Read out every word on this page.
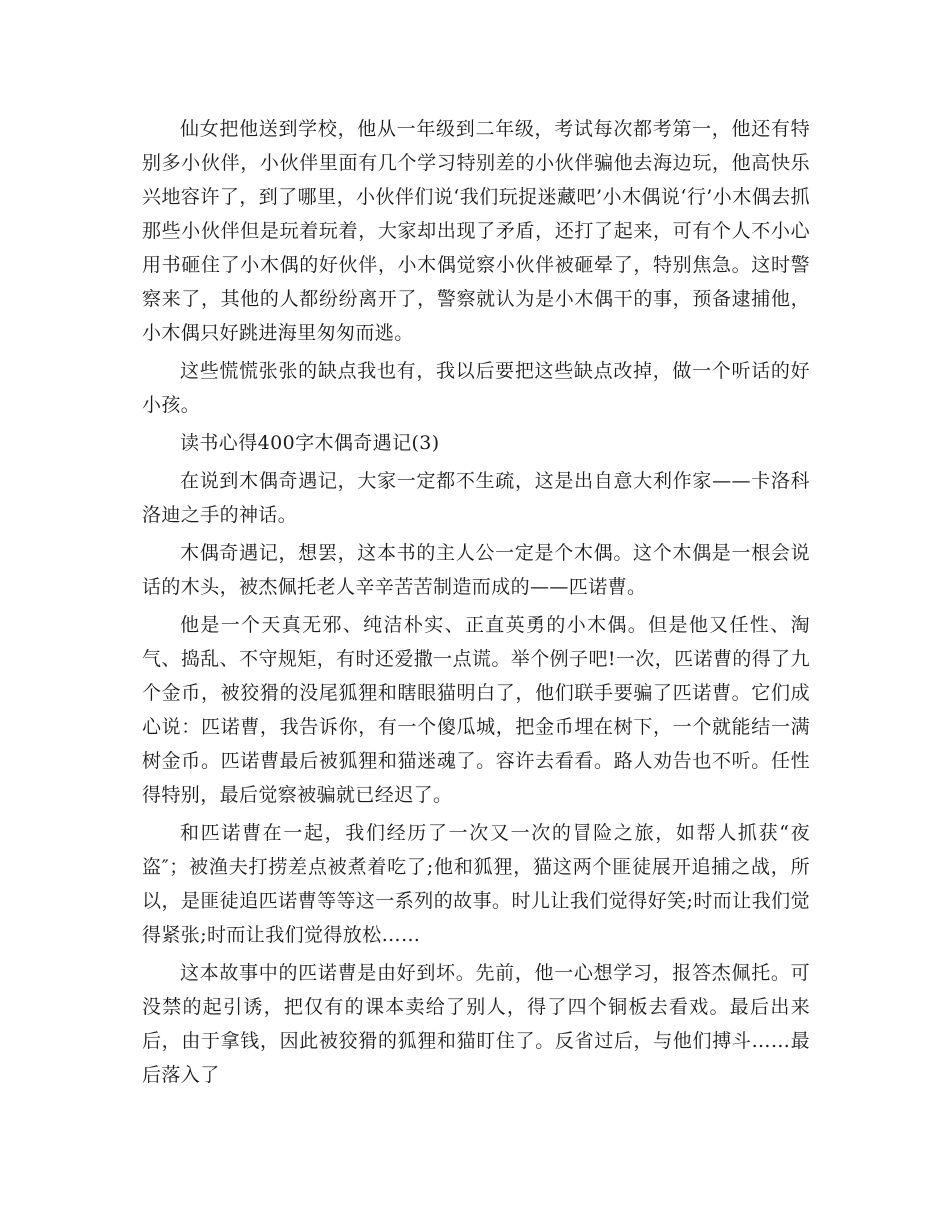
仙女把他送到学校，他从一年级到二年级，考试每次都考第一，他还有特别多小伙伴，小伙伴里面有几个学习特别差的小伙伴骗他去海边玩，他高快乐兴地容许了，到了哪里，小伙伴们说‘我们玩捉迷藏吧’小木偶说‘行’小木偶去抓那些小伙伴但是玩着玩着，大家却出现了矛盾，还打了起来，可有个人不小心用书砸住了小木偶的好伙伴，小木偶觉察小伙伴被砸晕了，特别焦急。这时警察来了，其他的人都纷纷离开了，警察就认为是小木偶干的事，预备逮捕他，小木偶只好跳进海里匆匆而逃。

这些慌慌张张的缺点我也有，我以后要把这些缺点改掉，做一个听话的好小孩。

读书心得400字木偶奇遇记(3)

在说到木偶奇遇记，大家一定都不生疏，这是出自意大利作家——卡洛科 洛迪之手的神话。

木偶奇遇记，想罢，这本书的主人公一定是个木偶。这个木偶是一根会说话的木头，被杰佩托老人辛辛苦苦制造而成的——匹诺曹。

他是一个天真无邪、纯洁朴实、正直英勇的小木偶。但是他又任性、淘气、捣乱、不守规矩，有时还爱撒一点谎。举个例子吧!一次，匹诺曹的得了九个金币，被狡猾的没尾狐狸和瞎眼猫明白了，他们联手要骗了匹诺曹。它们成心说：匹诺曹，我告诉你，有一个傻瓜城，把金币埋在树下，一个就能结一满树金币。匹诺曹最后被狐狸和猫迷魂了。容许去看看。路人劝告也不听。任性得特别，最后觉察被骗就已经迟了。

和匹诺曹在一起，我们经历了一次又一次的冒险之旅，如帮人抓获“夜盗″；被渔夫打捞差点被煮着吃了;他和狐狸，猫这两个匪徒展开追捕之战，所以，是匪徒追匹诺曹等等这一系列的故事。时儿让我们觉得好笑;时而让我们觉得紧张;时而让我们觉得放松……

这本故事中的匹诺曹是由好到坏。先前，他一心想学习，报答杰佩托。可没禁的起引诱，把仅有的课本卖给了别人，得了四个铜板去看戏。最后出来后，由于拿钱，因此被狡猾的狐狸和猫盯住了。反省过后，与他们搏斗……最后落入了
